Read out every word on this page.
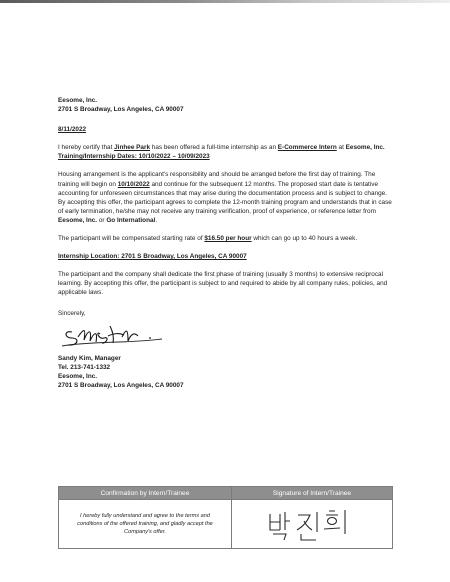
Eesome, Inc.

2701 S Broadway, Los Angeles, CA 90007

8/11/2022

I hereby certify that Jinhee Park has been offered a full-time internship as an E-Commerce Intern at Eesome, Inc. Training/Internship Dates: 10/10/2022 – 10/09/2023

Housing arrangement is the applicant's responsibility and should be arranged before the first day of training. The training will begin on 10/10/2022 and continue for the subsequent 12 months. The proposed start date is tentative accounting for unforeseen circumstances that may arise during the documentation process and is subject to change. By accepting this offer, the participant agrees to complete the 12-month training program and understands that in case of early termination, he/she may not receive any training verification, proof of experience, or reference letter from Eesome, Inc. or Go International.

The participant will be compensated starting rate of $16.50 per hour which can go up to 40 hours a week.

Internship Location: 2701 S Broadway, Los Angeles, CA 90007

The participant and the company shall dedicate the first phase of training (usually 3 months) to extensive reciprocal learning. By accepting this offer, the participant is subject to and required to abide by all company rules, policies, and applicable laws.

Sincerely,

Sandy Kim, Manager

Tel. 213-741-1332

Eesome, Inc.

2701 S Broadway, Los Angeles, CA 90007

Confirmation by Intern/Trainee	Signature of Intern/Trainee

I hereby fully understand and agree to the terms and conditions of the offered training, and gladly accept the Company's offer.
